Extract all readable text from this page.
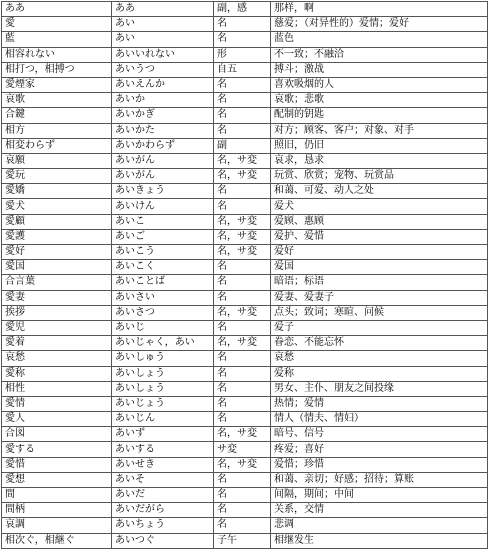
ああ	ああ	副，感	那样，啊
愛	あい	名	慈爱；（对异性的）爱情；爱好
藍	あい	名	蓝色
相容れない	あいいれない	形	不一致；不融洽
相打つ，相搏つ	あいうつ	自五	搏斗；激战
愛煙家	あいえんか	名	喜欢吸烟的人
哀歌	あいか	名	哀歌；悲歌
合鍵	あいかぎ	名	配制的钥匙
相方	あいかた	名	对方；顾客、客户；对象、对手
相変わらず	あいかわらず	副	照旧，仍旧
哀願	あいがん	名，サ変	哀求，恳求
愛玩	あいがん	名，サ変	玩赏、欣赏；宠物、玩赏品
愛嬌	あいきょう	名	和蔼、可爱、动人之处
愛犬	あいけん	名	爱犬
愛顧	あいこ	名，サ変	爱顾、惠顾
愛護	あいご	名，サ変	爱护、爱惜
愛好	あいこう	名，サ変	爱好
愛国	あいこく	名	爱国
合言葉	あいことば	名	暗语；标语
愛妻	あいさい	名	爱妻、爱妻子
挨拶	あいさつ	名，サ変	点头；致词；寒暄、问候
愛児	あいじ	名	爱子
愛着	あいじゃく，あい	名，サ変	眷恋、不能忘怀
哀愁	あいしゅう	名	哀愁
愛称	あいしょう	名	爱称
相性	あいしょう	名	男女、主仆、朋友之间投缘
愛情	あいじょう	名	热情；爱情
愛人	あいじん	名	情人（情夫、情妇）
合図	あいず	名，サ変	暗号、信号
愛する	あいする	サ変	疼爱；喜好
愛惜	あいせき	名，サ変	爱惜；珍惜
愛想	あいそ	名	和蔼、亲切；好感；招待；算账
間	あいだ	名	间隔，期间；中间
間柄	あいだがら	名	关系，交情
哀調	あいちょう	名	悲调
相次ぐ，相継ぐ	あいつぐ	子午	相继发生
